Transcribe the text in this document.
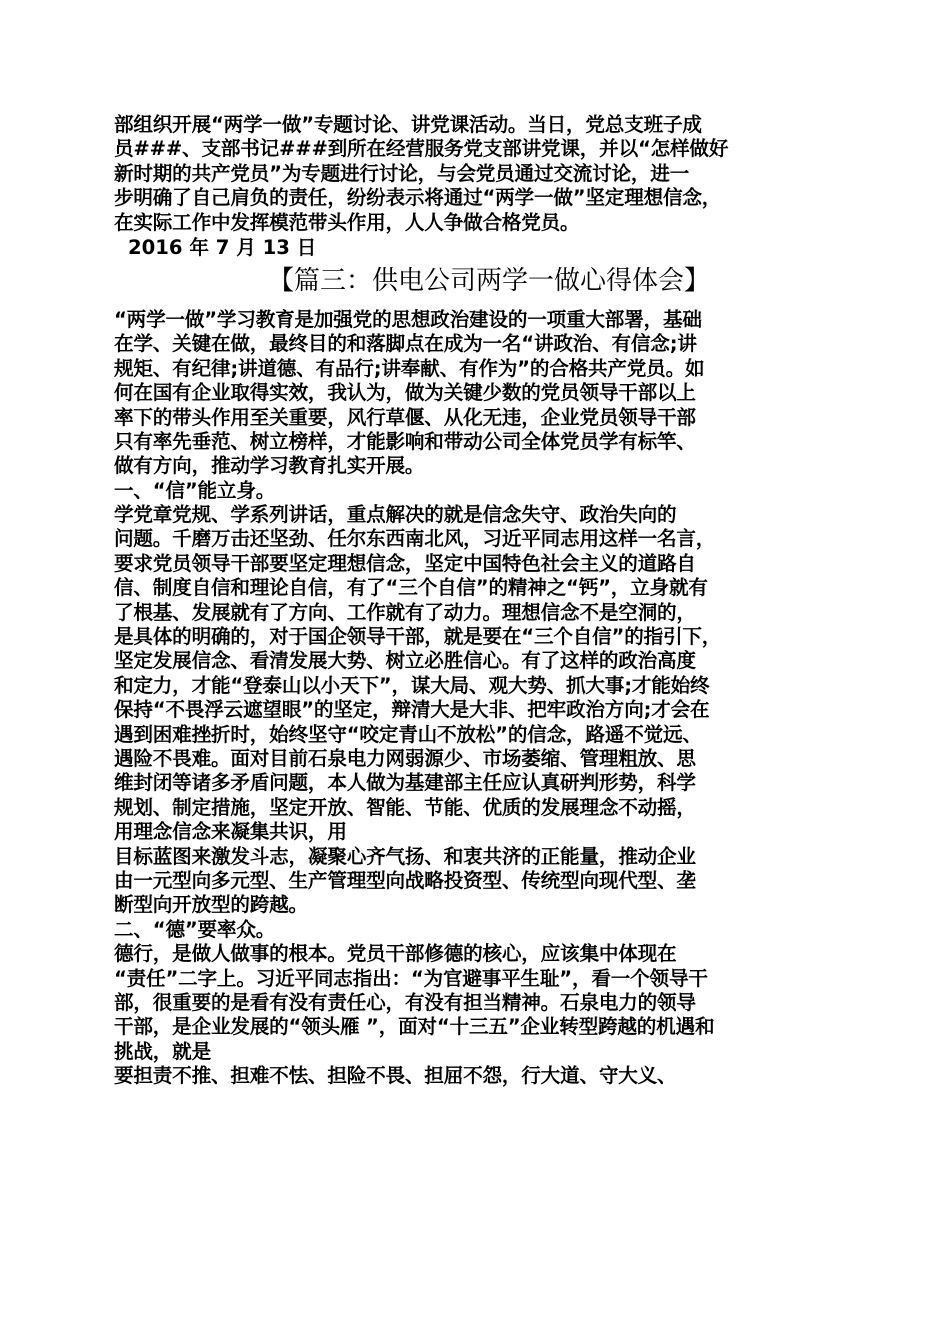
部组织开展“两学一做”专题讨论、讲党课活动。当日，党总支班子成
员###、支部书记###到所在经营服务党支部讲党课，并以“怎样做好
新时期的共产党员”为专题进行讨论，与会党员通过交流讨论，进一
步明确了自己肩负的责任，纷纷表示将通过“两学一做”坚定理想信念，
在实际工作中发挥模范带头作用，人人争做合格党员。
2016 年 7 月 13 日
【篇三：供电公司两学一做心得体会】
“两学一做”学习教育是加强党的思想政治建设的一项重大部署，基础
在学、关键在做，最终目的和落脚点在成为一名“讲政治、有信念;讲
规矩、有纪律;讲道德、有品行;讲奉献、有作为”的合格共产党员。如
何在国有企业取得实效，我认为，做为关键少数的党员领导干部以上
率下的带头作用至关重要，风行草偃、从化无违，企业党员领导干部
只有率先垂范、树立榜样，才能影响和带动公司全体党员学有标竿、
做有方向，推动学习教育扎实开展。
一、“信”能立身。
学党章党规、学系列讲话，重点解决的就是信念失守、政治失向的
问题。千磨万击还坚劲、任尔东西南北风，习近平同志用这样一名言，
要求党员领导干部要坚定理想信念，坚定中国特色社会主义的道路自
信、制度自信和理论自信，有了“三个自信”的精神之“钙”，立身就有
了根基、发展就有了方向、工作就有了动力。理想信念不是空洞的，
是具体的明确的，对于国企领导干部，就是要在“三个自信”的指引下，
坚定发展信念、看清发展大势、树立必胜信心。有了这样的政治高度
和定力，才能“登泰山以小天下”，谋大局、观大势、抓大事;才能始终
保持“不畏浮云遮望眼”的坚定，辩清大是大非、把牢政治方向;才会在
遇到困难挫折时，始终坚守“咬定青山不放松”的信念，路遥不觉远、
遇险不畏难。面对目前石泉电力网弱源少、市场萎缩、管理粗放、思
维封闭等诸多矛盾问题，本人做为基建部主任应认真研判形势，科学
规划、制定措施，坚定开放、智能、节能、优质的发展理念不动摇，
用理念信念来凝集共识，用
目标蓝图来激发斗志，凝聚心齐气扬、和衷共济的正能量，推动企业
由一元型向多元型、生产管理型向战略投资型、传统型向现代型、垄
断型向开放型的跨越。
二、“德”要率众。
德行，是做人做事的根本。党员干部修德的核心，应该集中体现在
“责任”二字上。习近平同志指出：“为官避事平生耻”，看一个领导干
部，很重要的是看有没有责任心，有没有担当精神。石泉电力的领导
干部，是企业发展的“领头雁 ”，面对“十三五”企业转型跨越的机遇和
挑战，就是
要担责不推、担难不怯、担险不畏、担屈不怨，行大道、守大义、
